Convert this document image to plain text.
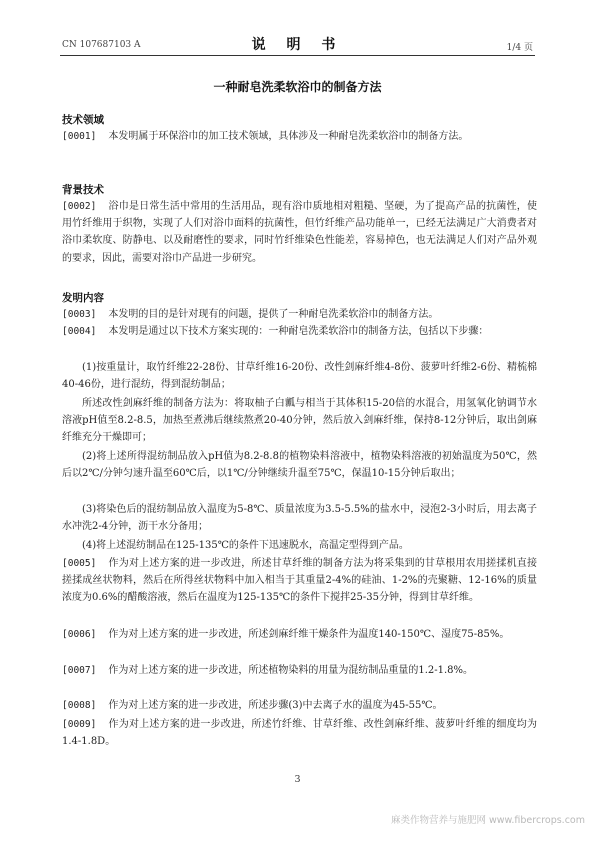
CN 107687103 A	说 明 书	1/4 页
一种耐皂洗柔软浴巾的制备方法
技术领域
[0001] 本发明属于环保浴巾的加工技术领域，具体涉及一种耐皂洗柔软浴巾的制备方法。
背景技术
[0002] 浴巾是日常生活中常用的生活用品，现有浴巾质地相对粗糙、坚硬，为了提高产品的抗菌性，使用竹纤维用于织物，实现了人们对浴巾面料的抗菌性，但竹纤维产品功能单一，已经无法满足广大消费者对浴巾柔软度、防静电、以及耐磨性的要求，同时竹纤维染色性能差，容易掉色，也无法满足人们对产品外观的要求，因此，需要对浴巾产品进一步研究。
发明内容
[0003] 本发明的目的是针对现有的问题，提供了一种耐皂洗柔软浴巾的制备方法。
[0004] 本发明是通过以下技术方案实现的：一种耐皂洗柔软浴巾的制备方法，包括以下步骤：
(1)按重量计，取竹纤维22-28份、甘草纤维16-20份、改性剑麻纤维4-8份、菠萝叶纤维2-6份、精梳棉40-46份，进行混纺，得到混纺制品；
所述改性剑麻纤维的制备方法为：将取柚子白瓤与相当于其体积15-20倍的水混合，用氢氧化钠调节水溶液pH值至8.2-8.5，加热至煮沸后继续熬煮20-40分钟，然后放入剑麻纤维，保持8-12分钟后，取出剑麻纤维充分干燥即可；
(2)将上述所得混纺制品放入pH值为8.2-8.8的植物染料溶液中，植物染料溶液的初始温度为50℃，然后以2℃/分钟匀速升温至60℃后，以1℃/分钟继续升温至75℃，保温10-15分钟后取出；
(3)将染色后的混纺制品放入温度为5-8℃、质量浓度为3.5-5.5%的盐水中，浸泡2-3小时后，用去离子水冲洗2-4分钟，沥干水分备用；
(4)将上述混纺制品在125-135℃的条件下迅速脱水，高温定型得到产品。
[0005] 作为对上述方案的进一步改进，所述甘草纤维的制备方法为将采集到的甘草根用农用搓揉机直接搓揉成丝状物料，然后在所得丝状物料中加入相当于其重量2-4%的硅油、1-2%的壳聚糖、12-16%的质量浓度为0.6%的醋酸溶液，然后在温度为125-135℃的条件下搅拌25-35分钟，得到甘草纤维。
[0006] 作为对上述方案的进一步改进，所述剑麻纤维干燥条件为温度140-150℃、湿度75-85%。
[0007] 作为对上述方案的进一步改进，所述植物染料的用量为混纺制品重量的1.2-1.8%。
[0008] 作为对上述方案的进一步改进，所述步骤(3)中去离子水的温度为45-55℃。
[0009] 作为对上述方案的进一步改进，所述竹纤维、甘草纤维、改性剑麻纤维、菠萝叶纤维的细度均为1.4-1.8D。
3
麻类作物营养与施肥网 www.fibercrops.com
